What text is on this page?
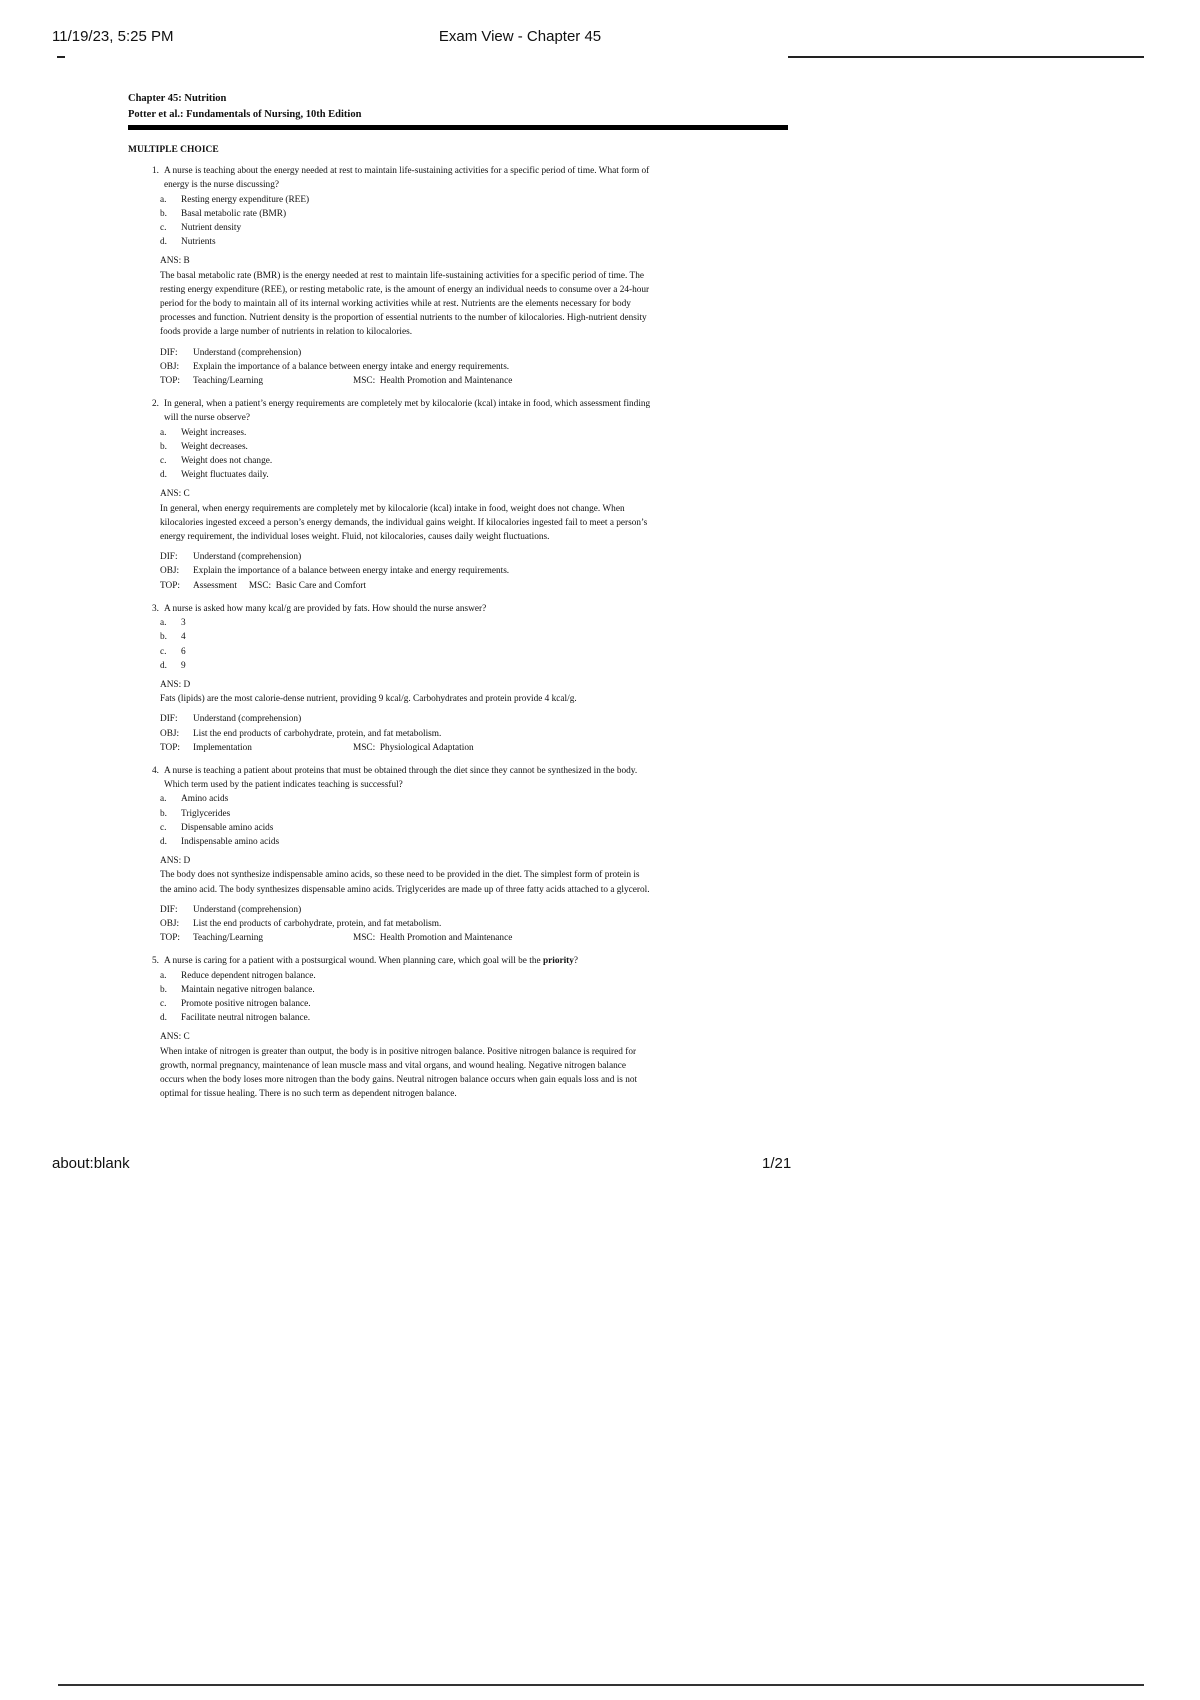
11/19/23, 5:25 PM	Exam View - Chapter 45
Chapter 45: Nutrition
Potter et al.: Fundamentals of Nursing, 10th Edition
MULTIPLE CHOICE
1. A nurse is teaching about the energy needed at rest to maintain life-sustaining activities for a specific period of time. What form of
energy is the nurse discussing?
a.	Resting energy expenditure (REE)
b.	Basal metabolic rate (BMR)
c.	Nutrient density
d.	Nutrients
ANS: B
The basal metabolic rate (BMR) is the energy needed at rest to maintain life-sustaining activities for a specific period of time. The
resting energy expenditure (REE), or resting metabolic rate, is the amount of energy an individual needs to consume over a 24-hour
period for the body to maintain all of its internal working activities while at rest. Nutrients are the elements necessary for body
processes and function. Nutrient density is the proportion of essential nutrients to the number of kilocalories. High-nutrient density
foods provide a large number of nutrients in relation to kilocalories.
DIF:	Understand (comprehension)
OBJ:	Explain the importance of a balance between energy intake and energy requirements.
TOP:	Teaching/Learning	MSC:
Health Promotion and Maintenance
2. In general, when a patient’s energy requirements are completely met by kilocalorie (kcal) intake in food, which assessment finding
will the nurse observe?
a.	Weight increases.
b.	Weight decreases.
c.	Weight does not change.
d.	Weight fluctuates daily.
ANS: C
In general, when energy requirements are completely met by kilocalorie (kcal) intake in food, weight does not change. When
kilocalories ingested exceed a person’s energy demands, the individual gains weight. If kilocalories ingested fail to meet a person’s
energy requirement, the individual loses weight. Fluid, not kilocalories, causes daily weight fluctuations.
DIF:	Understand (comprehension)
OBJ:	Explain the importance of a balance between energy intake and energy requirements.
TOP:	Assessment MSC:
Basic Care and Comfort
3. A nurse is asked how many kcal/g are provided by fats. How should the nurse answer?
a.	3
b.	4
c.	6
d.	9
ANS: D
Fats (lipids) are the most calorie-dense nutrient, providing 9 kcal/g. Carbohydrates and protein provide 4 kcal/g.
DIF:	Understand (comprehension)
OBJ:	List the end products of carbohydrate, protein, and fat metabolism.
TOP:	Implementation	MSC:
Physiological Adaptation
4. A nurse is teaching a patient about proteins that must be obtained through the diet since they cannot be synthesized in the body.
Which term used by the patient indicates teaching is successful?
a.	Amino acids
b.	Triglycerides
c.	Dispensable amino acids
d.	Indispensable amino acids
ANS: D
The body does not synthesize indispensable amino acids, so these need to be provided in the diet. The simplest form of protein is
the amino acid. The body synthesizes dispensable amino acids. Triglycerides are made up of three fatty acids attached to a glycerol.
DIF:	Understand (comprehension)
OBJ:	List the end products of carbohydrate, protein, and fat metabolism.
TOP:	Teaching/Learning	MSC:
Health Promotion and Maintenance
5. A nurse is caring for a patient with a postsurgical wound. When planning care, which goal will be the priority?
a.	Reduce dependent nitrogen balance.
b.	Maintain negative nitrogen balance.
c.	Promote positive nitrogen balance.
d.	Facilitate neutral nitrogen balance.
ANS: C
When intake of nitrogen is greater than output, the body is in positive nitrogen balance. Positive nitrogen balance is required for
growth, normal pregnancy, maintenance of lean muscle mass and vital organs, and wound healing. Negative nitrogen balance
occurs when the body loses more nitrogen than the body gains. Neutral nitrogen balance occurs when gain equals loss and is not
optimal for tissue healing. There is no such term as dependent nitrogen balance.
about:blank	1/21
